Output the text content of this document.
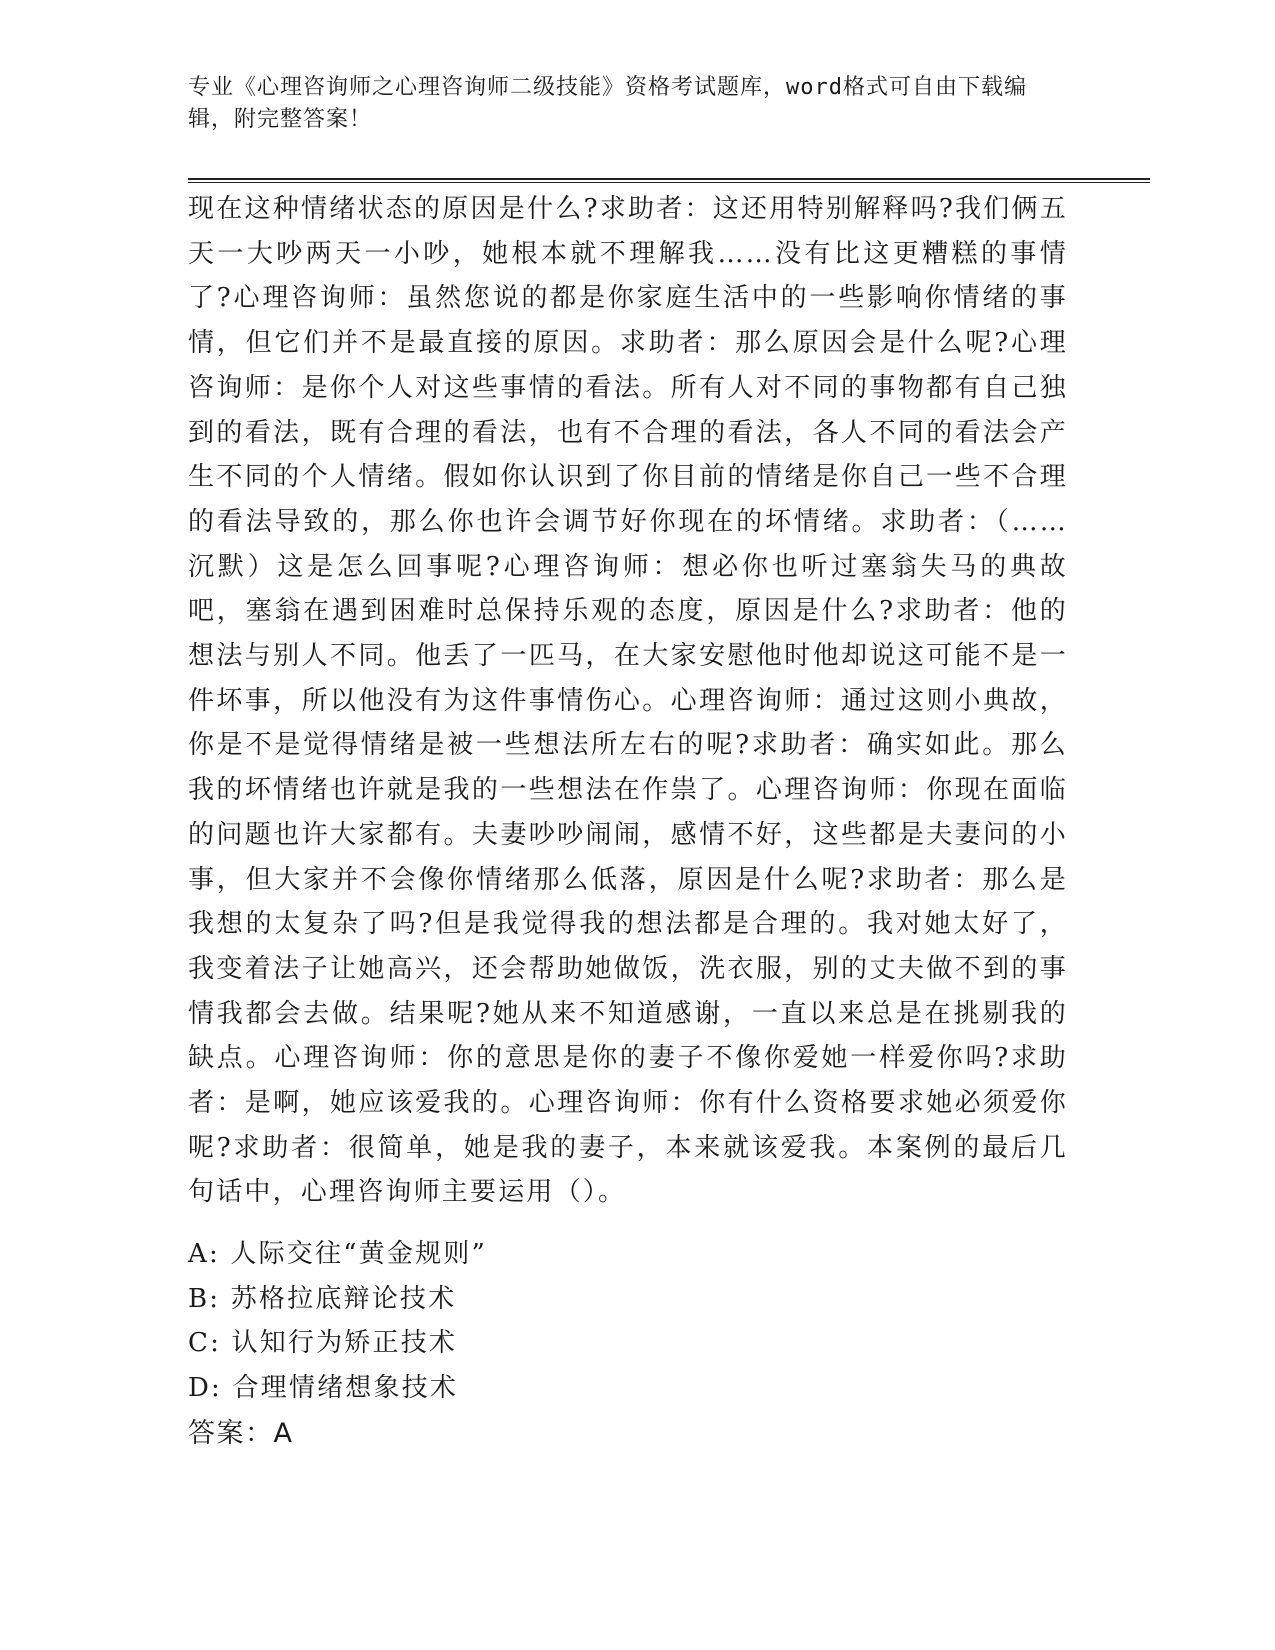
专业《心理咨询师之心理咨询师二级技能》资格考试题库，word格式可自由下载编辑，附完整答案！
现在这种情绪状态的原因是什么?求助者：这还用特别解释吗?我们俩五天一大吵两天一小吵，她根本就不理解我……没有比这更糟糕的事情了?心理咨询师：虽然您说的都是你家庭生活中的一些影响你情绪的事情，但它们并不是最直接的原因。求助者：那么原因会是什么呢?心理咨询师：是你个人对这些事情的看法。所有人对不同的事物都有自己独到的看法，既有合理的看法，也有不合理的看法，各人不同的看法会产生不同的个人情绪。假如你认识到了你目前的情绪是你自己一些不合理的看法导致的，那么你也许会调节好你现在的坏情绪。求助者：（……沉默）这是怎么回事呢?心理咨询师：想必你也听过塞翁失马的典故吧，塞翁在遇到困难时总保持乐观的态度，原因是什么?求助者：他的想法与别人不同。他丢了一匹马，在大家安慰他时他却说这可能不是一件坏事，所以他没有为这件事情伤心。心理咨询师：通过这则小典故，你是不是觉得情绪是被一些想法所左右的呢?求助者：确实如此。那么我的坏情绪也许就是我的一些想法在作祟了。心理咨询师：你现在面临的问题也许大家都有。夫妻吵吵闹闹，感情不好，这些都是夫妻问的小事，但大家并不会像你情绪那么低落，原因是什么呢?求助者：那么是我想的太复杂了吗?但是我觉得我的想法都是合理的。我对她太好了，我变着法子让她高兴，还会帮助她做饭，洗衣服，别的丈夫做不到的事情我都会去做。结果呢?她从来不知道感谢，一直以来总是在挑剔我的缺点。心理咨询师：你的意思是你的妻子不像你爱她一样爱你吗?求助者：是啊，她应该爱我的。心理咨询师：你有什么资格要求她必须爱你呢?求助者：很简单，她是我的妻子，本来就该爱我。本案例的最后几句话中，心理咨询师主要运用（）。
A: 人际交往“黄金规则”
B: 苏格拉底辩论技术
C: 认知行为矫正技术
D: 合理情绪想象技术
答案：A
